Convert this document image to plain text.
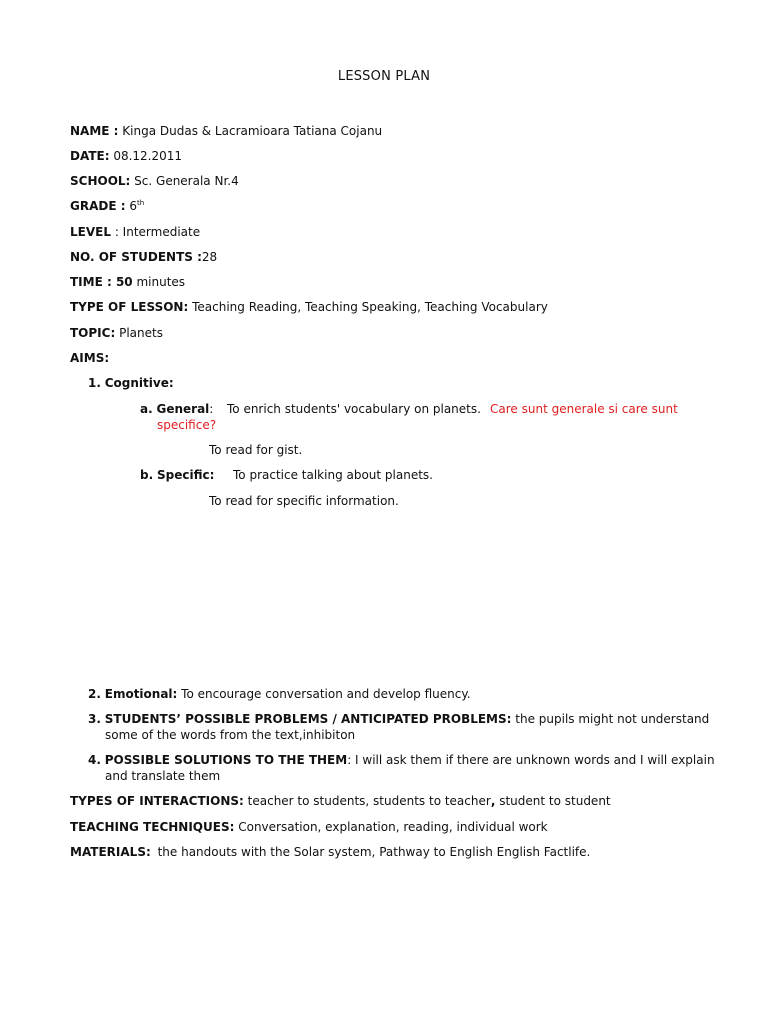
LESSON PLAN
NAME : Kinga Dudas & Lacramioara Tatiana Cojanu
DATE: 08.12.2011
SCHOOL: Sc. Generala Nr.4
GRADE : 6th
LEVEL : Intermediate
NO. OF STUDENTS :28
TIME : 50 minutes
TYPE OF LESSON: Teaching Reading, Teaching Speaking, Teaching Vocabulary
TOPIC: Planets
AIMS:
1. Cognitive:
a. General: To enrich students' vocabulary on planets. Care sunt generale si care sunt
specifice?
To read for gist.
b. Specific: To practice talking about planets.
To read for specific information.
2. Emotional: To encourage conversation and develop fluency.
3. STUDENTS’ POSSIBLE PROBLEMS / ANTICIPATED PROBLEMS: the pupils might not understand
some of the words from the text,inhibiton
4. POSSIBLE SOLUTIONS TO THE THEM: I will ask them if there are unknown words and I will explain
and translate them
TYPES OF INTERACTIONS: teacher to students, students to teacher, student to student
TEACHING TECHNIQUES: Conversation, explanation, reading, individual work
MATERIALS: the handouts with the Solar system, Pathway to English English Factlife.
